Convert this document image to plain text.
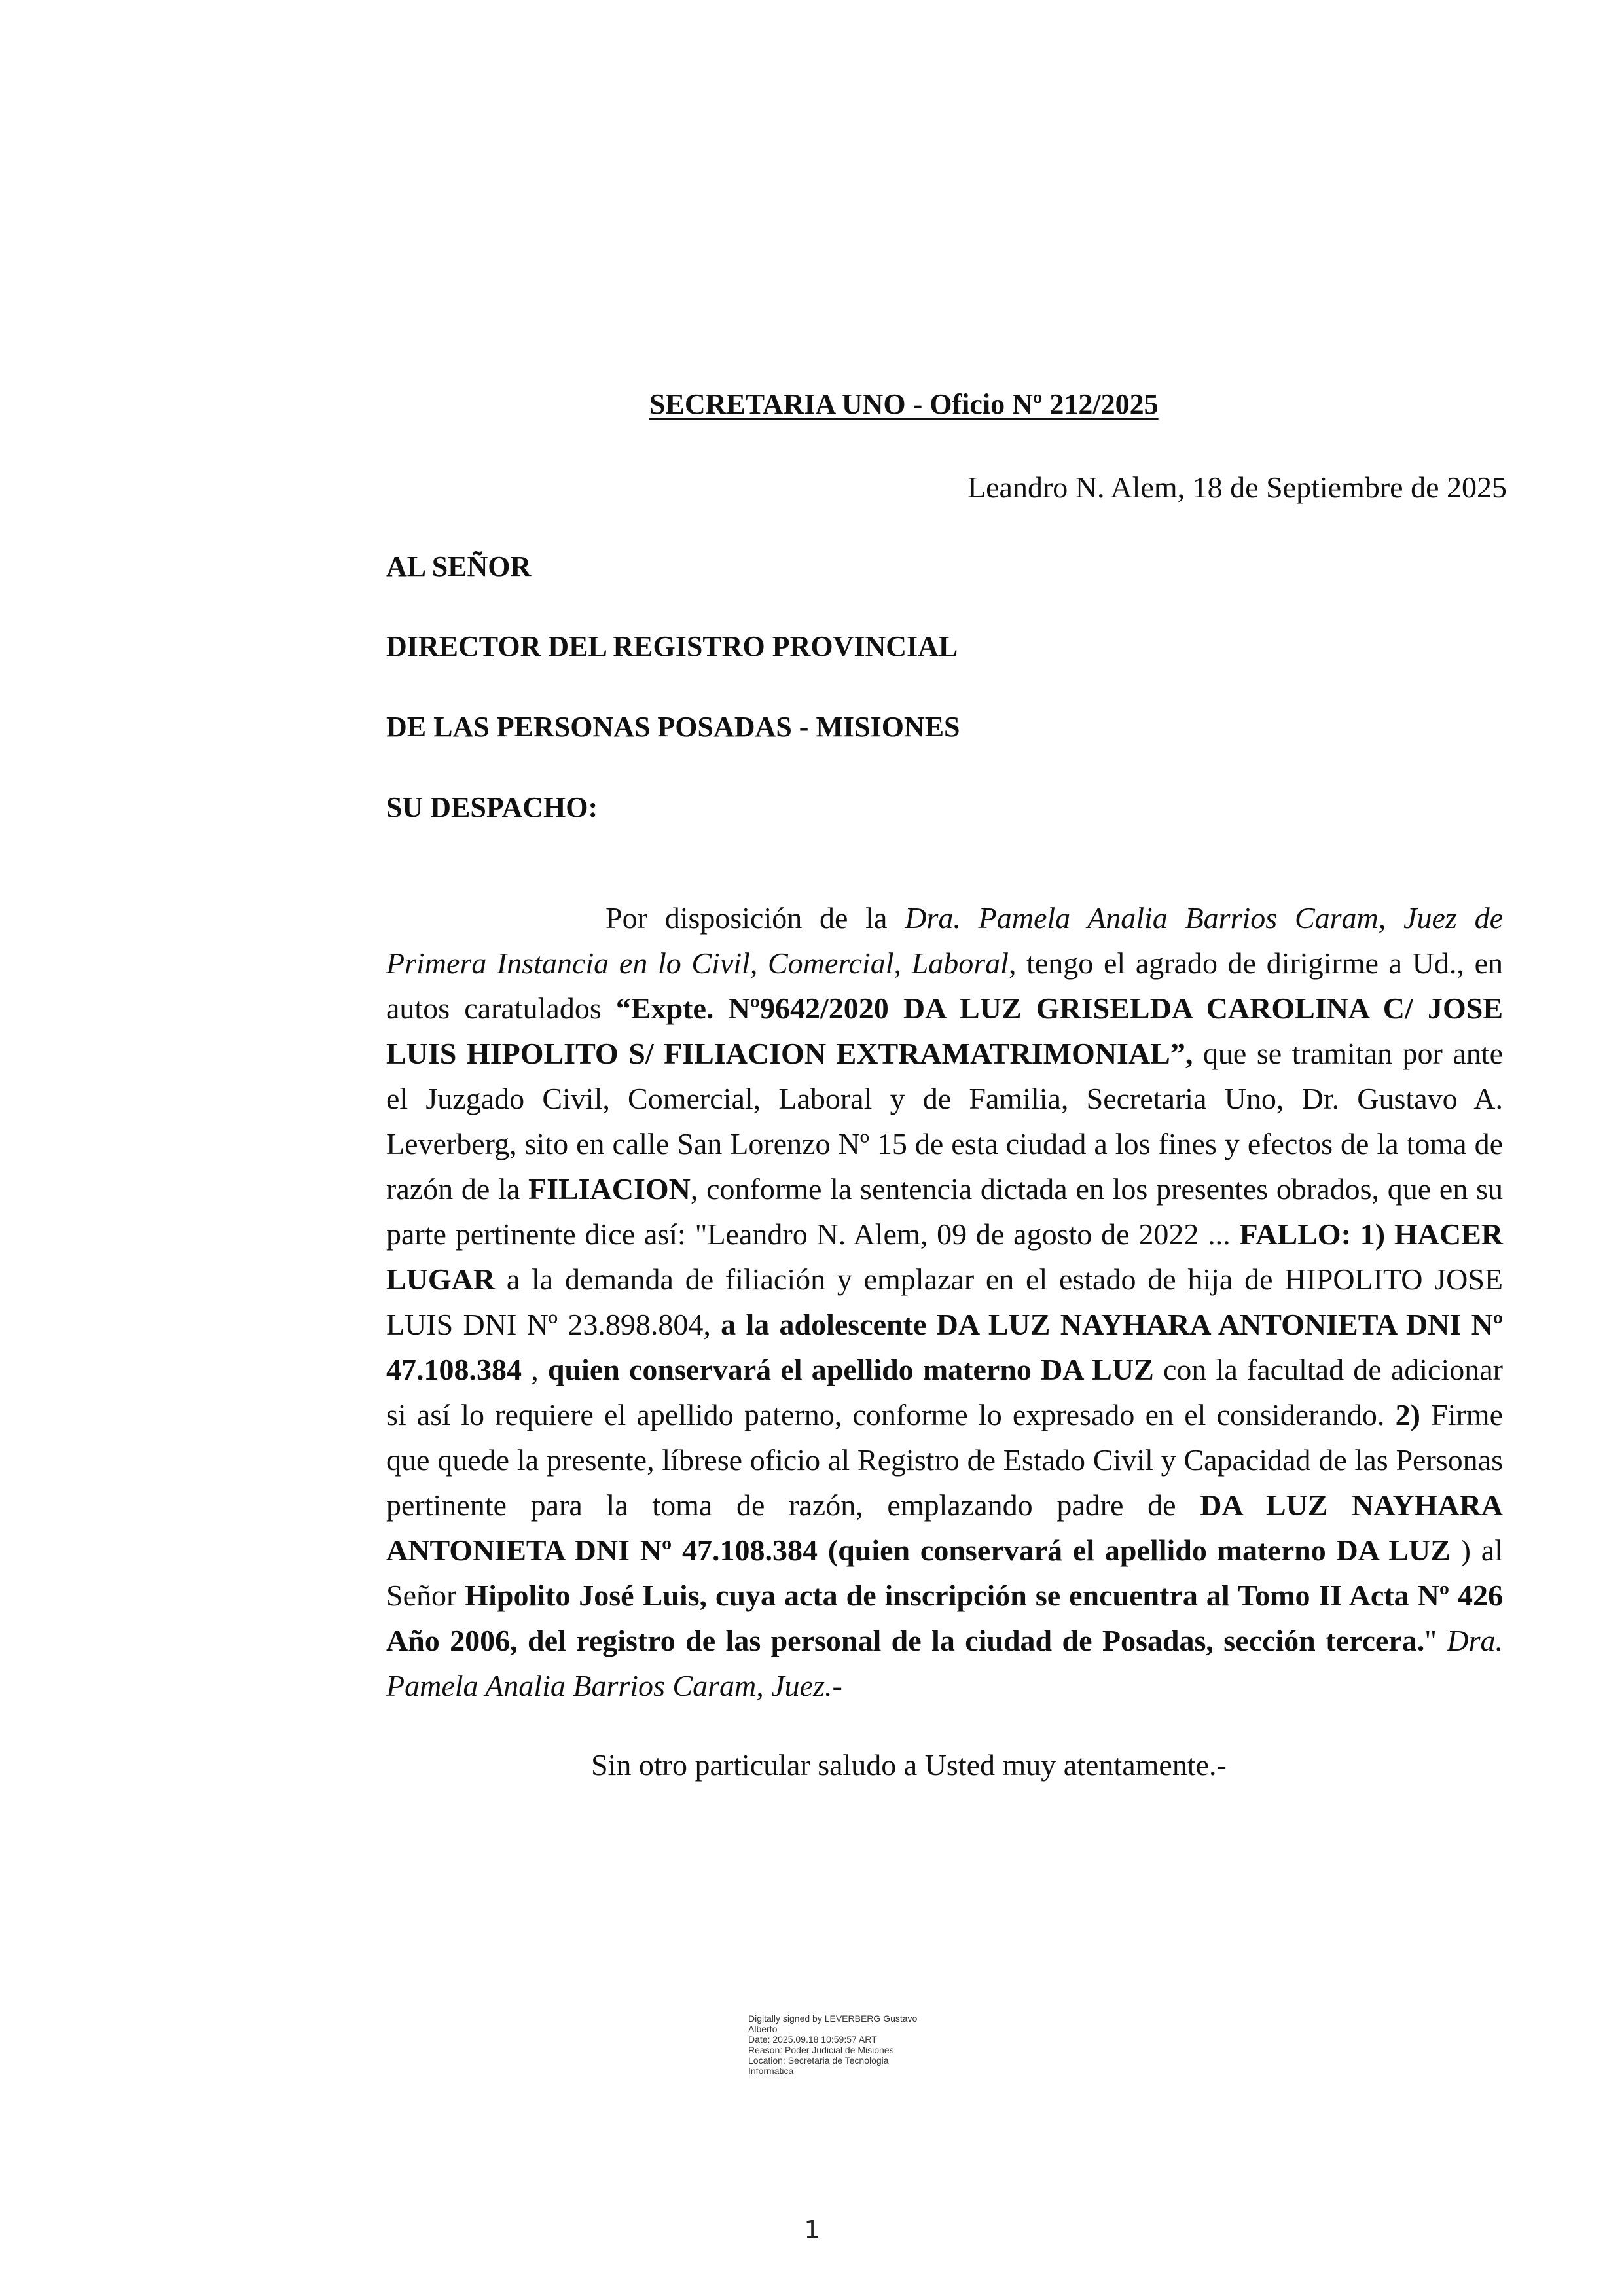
SECRETARIA UNO - Oficio Nº 212/2025
Leandro N. Alem, 18 de Septiembre de 2025
AL SEÑOR
DIRECTOR DEL REGISTRO PROVINCIAL
DE LAS PERSONAS POSADAS - MISIONES
SU DESPACHO:

Por disposición de la Dra. Pamela Analia Barrios Caram, Juez de Primera Instancia en lo Civil, Comercial, Laboral, tengo el agrado de dirigirme a Ud., en autos caratulados “Expte. Nº9642/2020 DA LUZ GRISELDA CAROLINA C/ JOSE LUIS HIPOLITO S/ FILIACION EXTRAMATRIMONIAL”, que se tramitan por ante el Juzgado Civil, Comercial, Laboral y de Familia, Secretaria Uno, Dr. Gustavo A. Leverberg, sito en calle San Lorenzo Nº 15 de esta ciudad a los fines y efectos de la toma de razón de la FILIACION, conforme la sentencia dictada en los presentes obrados, que en su parte pertinente dice así: "Leandro N. Alem, 09 de agosto de 2022 ... FALLO: 1) HACER LUGAR a la demanda de filiación y emplazar en el estado de hija de HIPOLITO JOSE LUIS DNI Nº 23.898.804, a la adolescente DA LUZ NAYHARA ANTONIETA DNI Nº 47.108.384 , quien conservará el apellido materno DA LUZ con la facultad de adicionar si así lo requiere el apellido paterno, conforme lo expresado en el considerando. 2) Firme que quede la presente, líbrese oficio al Registro de Estado Civil y Capacidad de las Personas pertinente para la toma de razón, emplazando padre de DA LUZ NAYHARA ANTONIETA DNI Nº 47.108.384 (quien conservará el apellido materno DA LUZ ) al Señor Hipolito José Luis, cuya acta de inscripción se encuentra al Tomo II Acta Nº 426 Año 2006, del registro de las personal de la ciudad de Posadas, sección tercera." Dra. Pamela Analia Barrios Caram, Juez.-

Sin otro particular saludo a Usted muy atentamente.-
Digitally signed by LEVERBERG Gustavo
Alberto
Date: 2025.09.18 10:59:57 ART
Reason: Poder Judicial de Misiones
Location: Secretaria de Tecnologia
Informatica
1
